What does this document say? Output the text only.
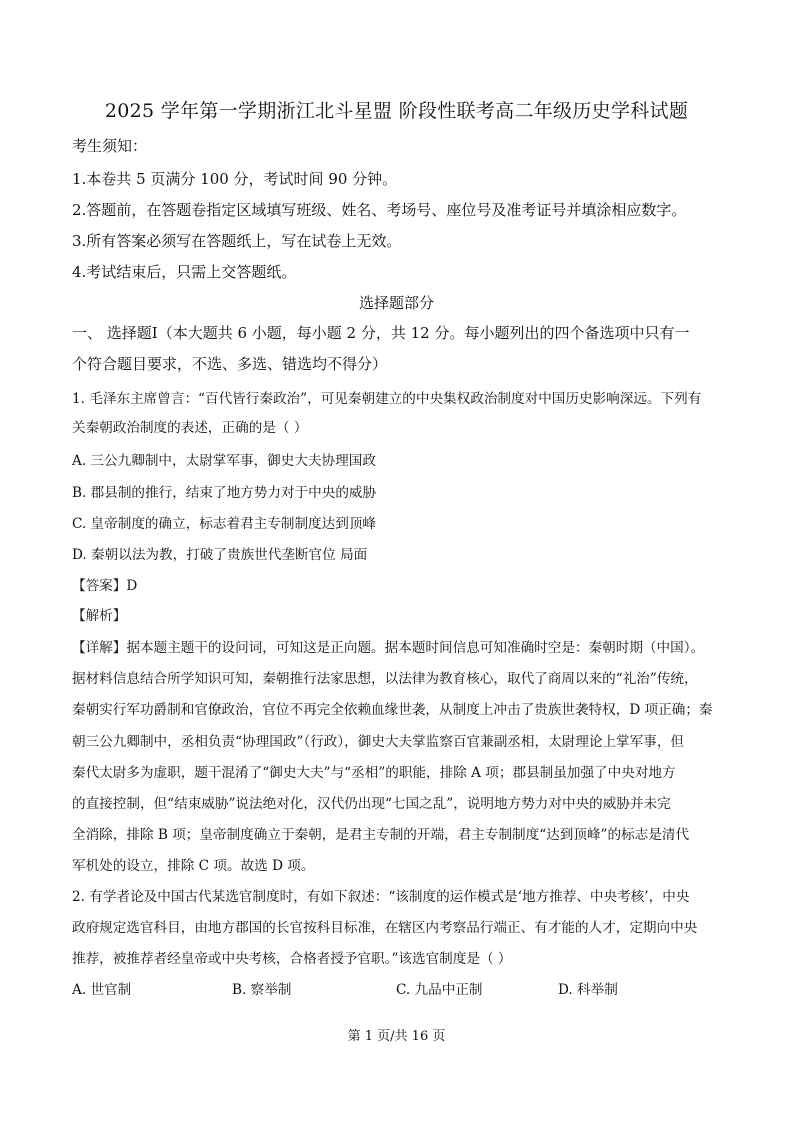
2025 学年第一学期浙江北斗星盟 阶段性联考高二年级历史学科试题
考生须知：
1.本卷共 5 页满分 100 分，考试时间 90 分钟。
2.答题前，在答题卷指定区域填写班级、姓名、考场号、座位号及准考证号并填涂相应数字。
3.所有答案必须写在答题纸上，写在试卷上无效。
4.考试结束后，只需上交答题纸。
选择题部分
一、 选择题Ⅰ（本大题共 6 小题，每小题 2 分，共 12 分。每小题列出的四个备选项中只有一
个符合题目要求，不选、多选、错选均不得分）
1. 毛泽东主席曾言：“百代皆行秦政治”，可见秦朝建立的中央集权政治制度对中国历史影响深远。下列有
关秦朝政治制度的表述，正确的是（ ）
A. 三公九卿制中，太尉掌军事，御史大夫协理国政
B. 郡县制的推行，结束了地方势力对于中央的威胁
C. 皇帝制度的确立，标志着君主专制制度达到顶峰
D. 秦朝以法为教，打破了贵族世代垄断官位 局面
【答案】D
【解析】
【详解】据本题主题干的设问词，可知这是正向题。据本题时间信息可知准确时空是：秦朝时期（中国）。
据材料信息结合所学知识可知，秦朝推行法家思想，以法律为教育核心，取代了商周以来的“礼治”传统，
秦朝实行军功爵制和官僚政治，官位不再完全依赖血缘世袭，从制度上冲击了贵族世袭特权，D 项正确；秦
朝三公九卿制中，丞相负责“协理国政”（行政），御史大夫掌监察百官兼副丞相，太尉理论上掌军事，但
秦代太尉多为虚职，题干混淆了“御史大夫”与“丞相”的职能，排除 A 项；郡县制虽加强了中央对地方
的直接控制，但“结束威胁”说法绝对化，汉代仍出现“七国之乱”，说明地方势力对中央的威胁并未完
全消除，排除 B 项；皇帝制度确立于秦朝，是君主专制的开端，君主专制制度“达到顶峰”的标志是清代
军机处的设立，排除 C 项。故选 D 项。
2. 有学者论及中国古代某选官制度时，有如下叙述：“该制度的运作模式是‘地方推荐、中央考核’，中央
政府规定选官科目，由地方郡国的长官按科目标准，在辖区内考察品行端正、有才能的人才，定期向中央
推荐，被推荐者经皇帝或中央考核，合格者授予官职。”该选官制度是（ ）
A. 世官制	B. 察举制	C. 九品中正制	D. 科举制
第 1 页/共 16 页
